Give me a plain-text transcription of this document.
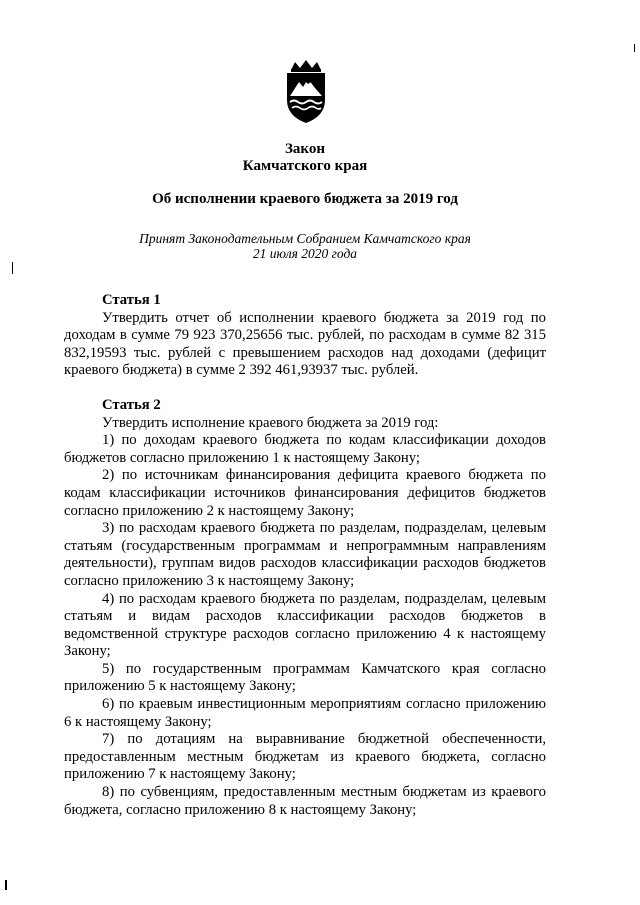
Закон
Камчатского края
Об исполнении краевого бюджета за 2019 год
Принят Законодательным Собранием Камчатского края
21 июля 2020 года

Статья 1

Утвердить отчет об исполнении краевого бюджета за 2019 год по доходам в сумме 79 923 370,25656 тыс. рублей, по расходам в сумме 82 315 832,19593 тыс. рублей с превышением расходов над доходами (дефицит краевого бюджета) в сумме 2 392 461,93937 тыс. рублей.

Статья 2

Утвердить исполнение краевого бюджета за 2019 год:

1) по доходам краевого бюджета по кодам классификации доходов бюджетов согласно приложению 1 к настоящему Закону;

2) по источникам финансирования дефицита краевого бюджета по кодам классификации источников финансирования дефицитов бюджетов согласно приложению 2 к настоящему Закону;

3) по расходам краевого бюджета по разделам, подразделам, целевым статьям (государственным программам и непрограммным направлениям деятельности), группам видов расходов классификации расходов бюджетов согласно приложению 3 к настоящему Закону;

4) по расходам краевого бюджета по разделам, подразделам, целевым статьям и видам расходов классификации расходов бюджетов в ведомственной структуре расходов согласно приложению 4 к настоящему Закону;

5) по государственным программам Камчатского края согласно приложению 5 к настоящему Закону;

6) по краевым инвестиционным мероприятиям согласно приложению 6 к настоящему Закону;

7) по дотациям на выравнивание бюджетной обеспеченности, предоставленным местным бюджетам из краевого бюджета, согласно приложению 7 к настоящему Закону;

8) по субвенциям, предоставленным местным бюджетам из краевого бюджета, согласно приложению 8 к настоящему Закону;
